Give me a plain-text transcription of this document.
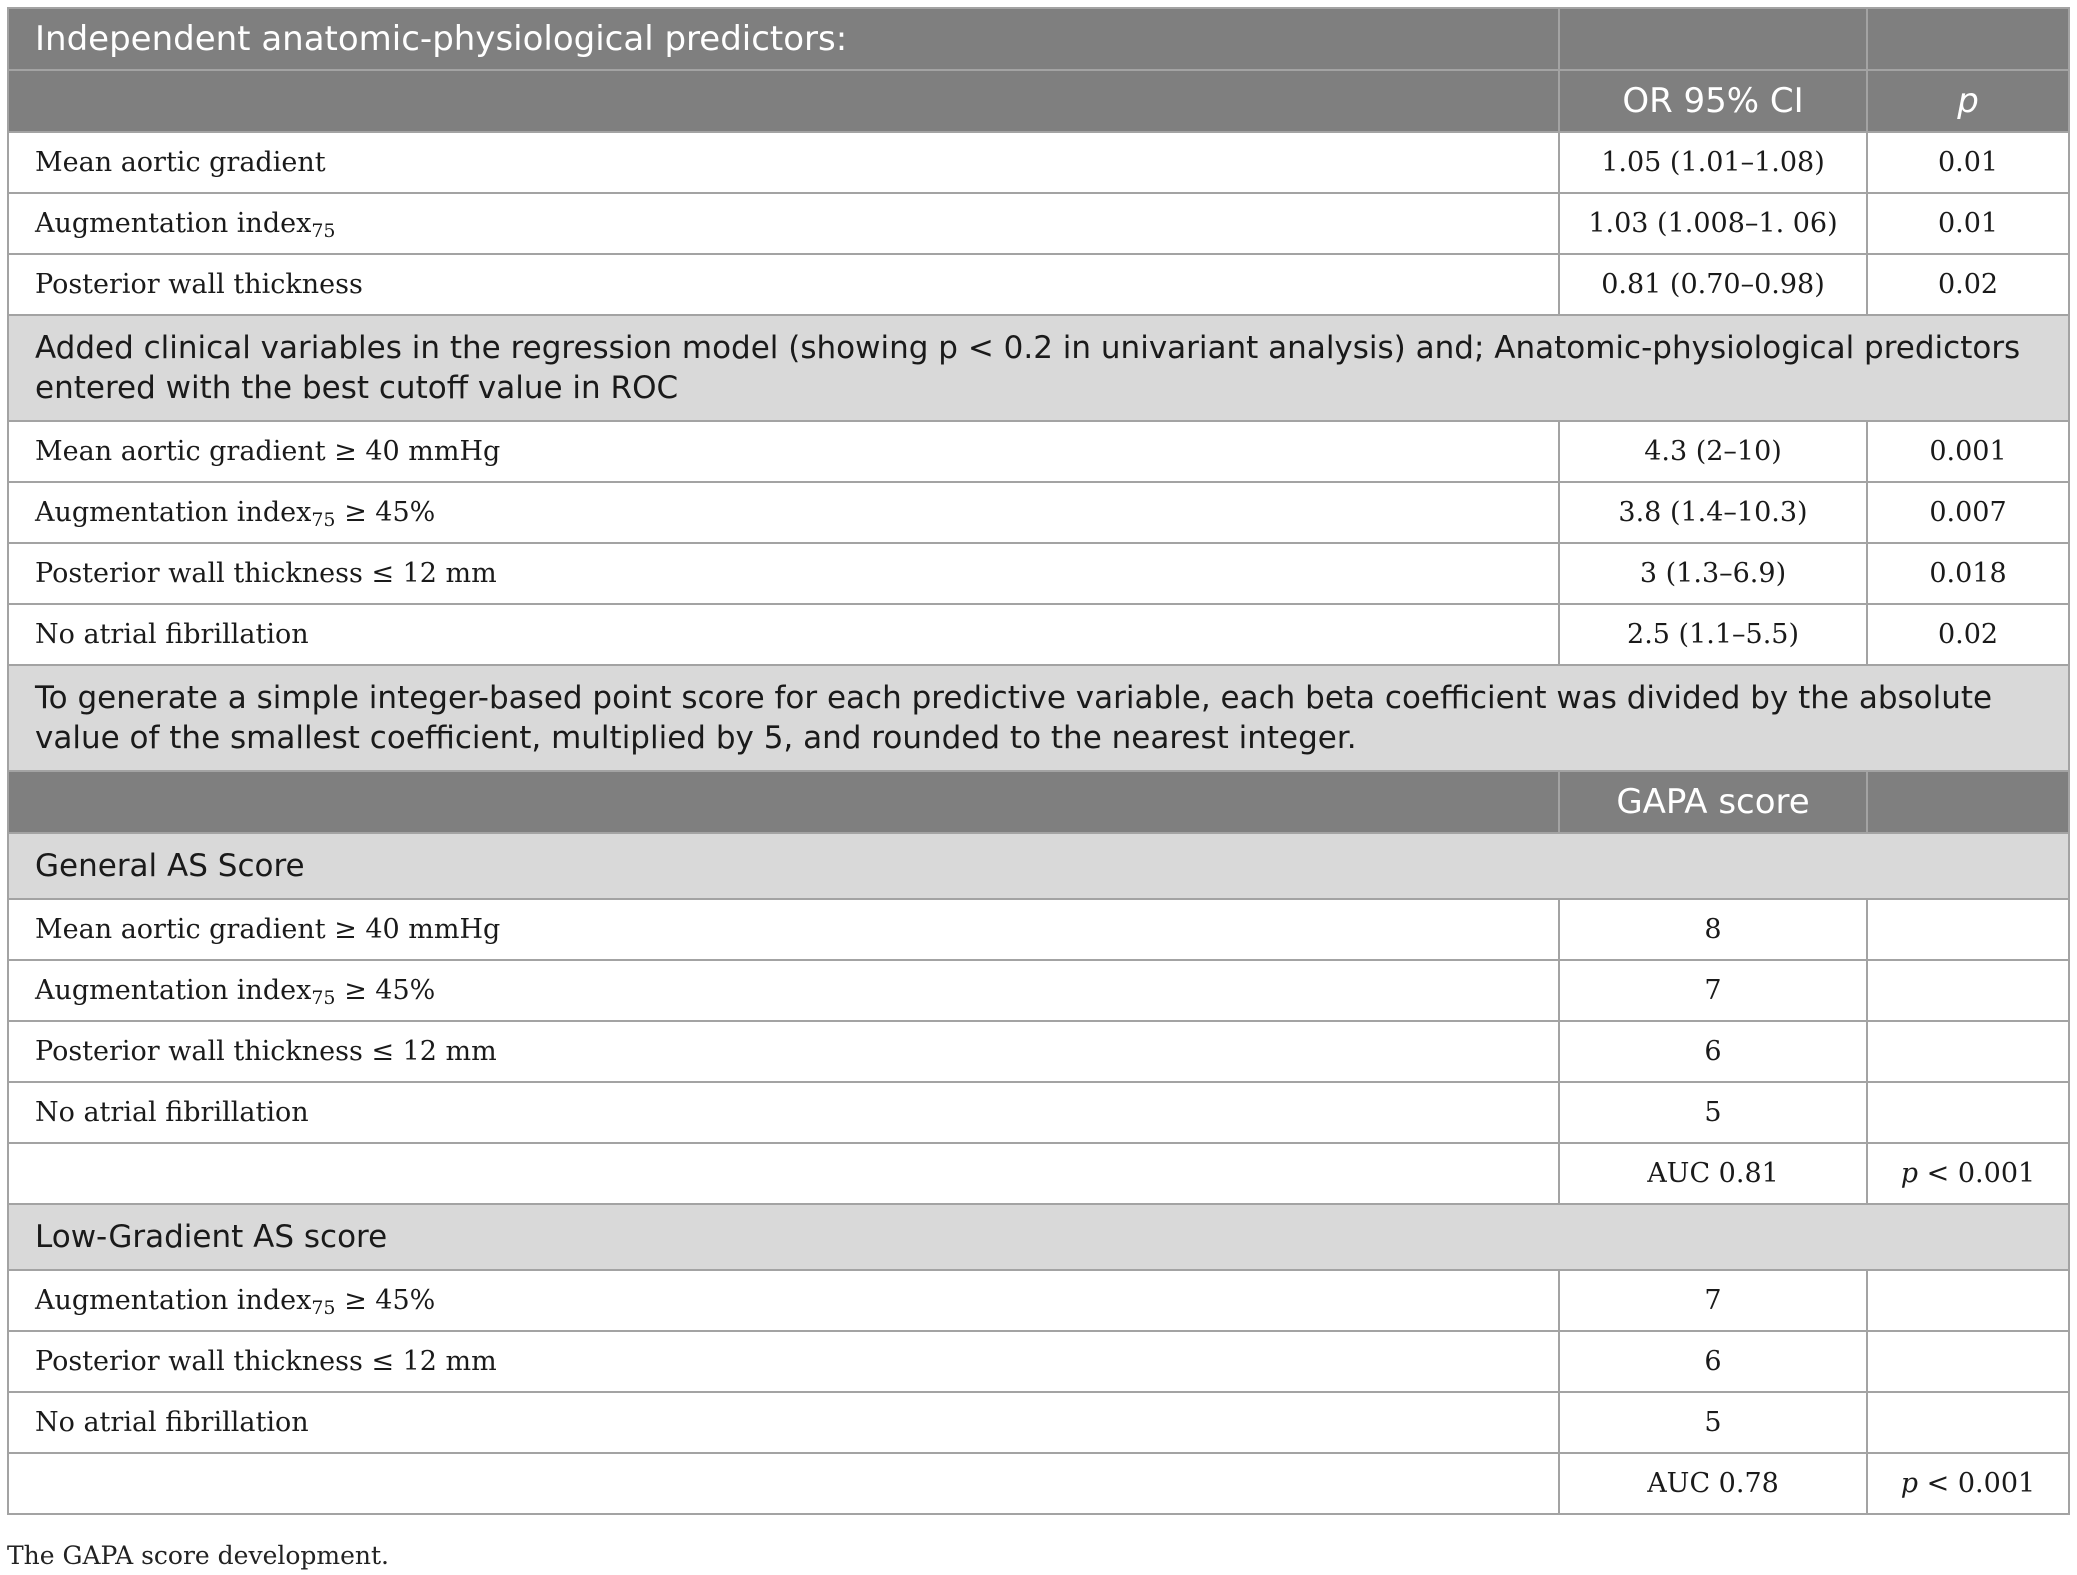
Independent anatomic-physiological predictors:		
	OR 95% CI	p
Mean aortic gradient	1.05 (1.01–1.08)	0.01
Augmentation index$_{75}$	1.03 (1.008–1. 06)	0.01
Posterior wall thickness	0.81 (0.70–0.98)	0.02
Added clinical variables in the regression model (showing p < 0.2 in univariant analysis) and; Anatomic-physiological predictors entered with the best cutoff value in ROC		
Mean aortic gradient ≥ 40 mmHg	4.3 (2–10)	0.001
Augmentation index$_{75}$ ≥ 45%	3.8 (1.4–10.3)	0.007
Posterior wall thickness ≤ 12 mm	3 (1.3–6.9)	0.018
No atrial fibrillation	2.5 (1.1–5.5)	0.02
To generate a simple integer-based point score for each predictive variable, each beta coefficient was divided by the absolute value of the smallest coefficient, multiplied by 5, and rounded to the nearest integer.		
	GAPA score	
General AS Score		
Mean aortic gradient ≥ 40 mmHg	8	
Augmentation index$_{75}$ ≥ 45%	7	
Posterior wall thickness ≤ 12 mm	6	
No atrial fibrillation	5	
	AUC 0.81	p < 0.001
Low-Gradient AS score		
Augmentation index$_{75}$ ≥ 45%	7	
Posterior wall thickness ≤ 12 mm	6	
No atrial fibrillation	5	
	AUC 0.78	p < 0.001
The GAPA score development.
